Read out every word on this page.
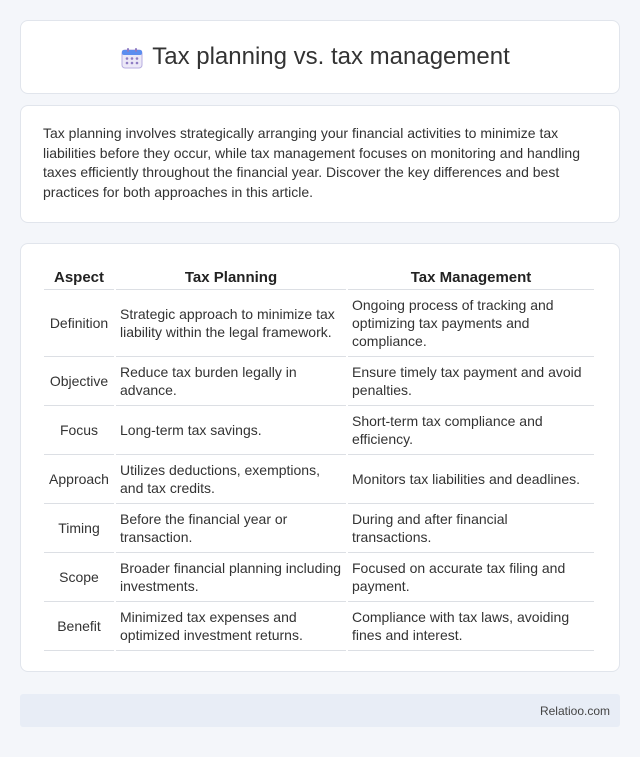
Tax planning vs. tax management

Tax planning involves strategically arranging your financial activities to minimize tax liabilities before they occur, while tax management focuses on monitoring and handling taxes efficiently throughout the financial year. Discover the key differences and best practices for both approaches in this article.

Aspect	Tax Planning	Tax Management
Definition	Strategic approach to minimize tax liability within the legal framework.	Ongoing process of tracking and optimizing tax payments and compliance.
Objective	Reduce tax burden legally in advance.	Ensure timely tax payment and avoid penalties.
Focus	Long-term tax savings.	Short-term tax compliance and efficiency.
Approach	Utilizes deductions, exemptions, and tax credits.	Monitors tax liabilities and deadlines.
Timing	Before the financial year or transaction.	During and after financial transactions.
Scope	Broader financial planning including investments.	Focused on accurate tax filing and payment.
Benefit	Minimized tax expenses and optimized investment returns.	Compliance with tax laws, avoiding fines and interest.
Relatioo.com
